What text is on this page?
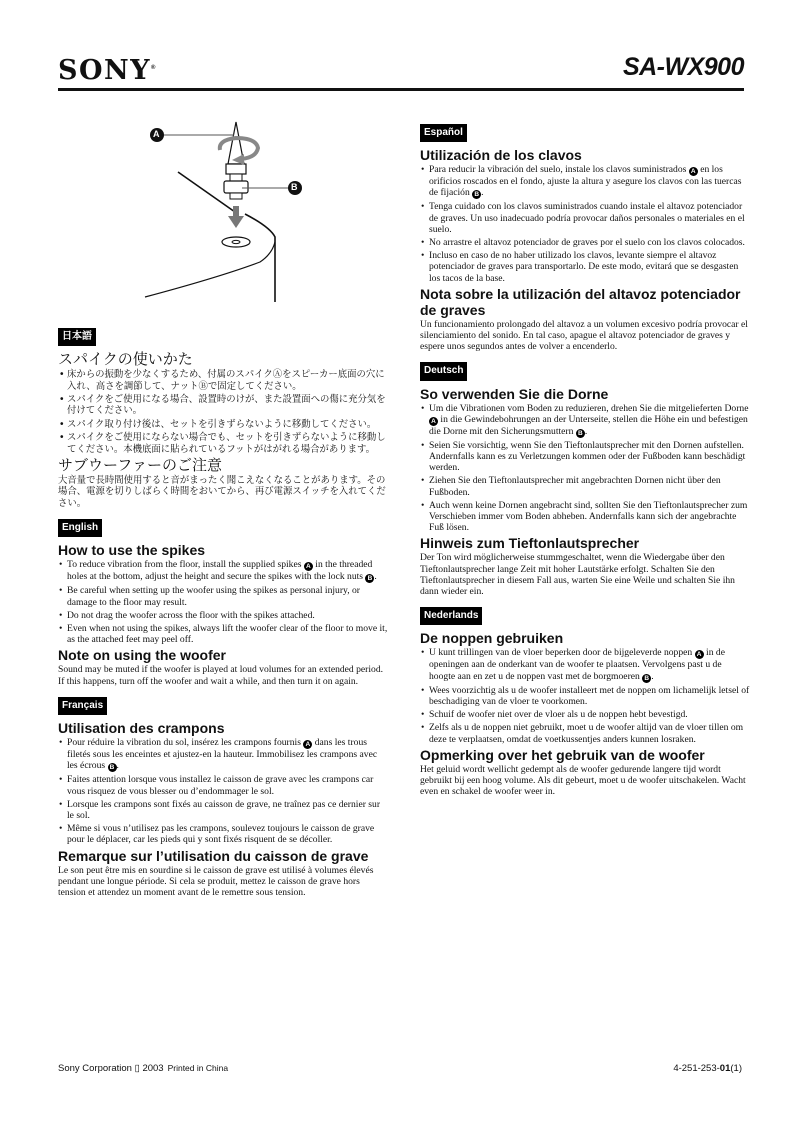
SONY®	SA-WX900
A
B
日本語
スパイクの使いかた
• 床からの振動を少なくするため、付属のスパイクⒶをスピーカー底面の穴に入れ、高さを調節して、ナットⒷで固定してください。
• スパイクをご使用になる場合、設置時のけが、また設置面への傷に充分気を付けてください。
• スパイク取り付け後は、セットを引きずらないように移動してください。
• スパイクをご使用にならない場合でも、セットを引きずらないように移動してください。本機底面に貼られているフットがはがれる場合があります。
サブウーファーのご注意

大音量で長時間使用すると音がまったく聞こえなくなることがあります。その場合、電源を切りしばらく時間をおいてから、再び電源スイッチを入れてください。

English
How to use the spikes
• To reduce vibration from the floor, install the supplied spikes A in the threaded holes at the bottom, adjust the height and secure the spikes with the lock nuts B .
• Be careful when setting up the woofer using the spikes as personal injury, or damage to the floor may result.
• Do not drag the woofer across the floor with the spikes attached.
• Even when not using the spikes, always lift the woofer clear of the floor to move it, as the attached feet may peel off.
Note on using the woofer

Sound may be muted if the woofer is played at loud volumes for an extended period. If this happens, turn off the woofer and wait a while, and then turn it on again.

Français
Utilisation des crampons
• Pour réduire la vibration du sol, insérez les crampons fournis A dans les trous filetés sous les enceintes et ajustez-en la hauteur. Immobilisez les crampons avec les écrous B .
• Faites attention lorsque vous installez le caisson de grave avec les crampons car vous risquez de vous blesser ou d’endommager le sol.
• Lorsque les crampons sont fixés au caisson de grave, ne traînez pas ce dernier sur le sol.
• Même si vous n’utilisez pas les crampons, soulevez toujours le caisson de grave pour le déplacer, car les pieds qui y sont fixés risquent de se décoller.
Remarque sur l’utilisation du caisson de grave

Le son peut être mis en sourdine si le caisson de grave est utilisé à volumes élevés pendant une longue période. Si cela se produit, mettez le caisson de grave hors tension et attendez un moment avant de le remettre sous tension.

Español
Utilización de los clavos
• Para reducir la vibración del suelo, instale los clavos suministrados A en los orificios roscados en el fondo, ajuste la altura y asegure los clavos con las tuercas de fijación B .
• Tenga cuidado con los clavos suministrados cuando instale el altavoz potenciador de graves. Un uso inadecuado podría provocar daños personales o materiales en el suelo.
• No arrastre el altavoz potenciador de graves por el suelo con los clavos colocados.
• Incluso en caso de no haber utilizado los clavos, levante siempre el altavoz potenciador de graves para transportarlo. De este modo, evitará que se desgasten los tacos de la base.
Nota sobre la utilización del altavoz potenciador de graves

Un funcionamiento prolongado del altavoz a un volumen excesivo podría provocar el silenciamiento del sonido. En tal caso, apague el altavoz potenciador de graves y espere unos segundos antes de volver a encenderlo.

Deutsch
So verwenden Sie die Dorne
• Um die Vibrationen vom Boden zu reduzieren, drehen Sie die mitgelieferten Dorne A in die Gewindebohrungen an der Unterseite, stellen die Höhe ein und befestigen die Dorne mit den Sicherungsmuttern B .
• Seien Sie vorsichtig, wenn Sie den Tieftonlautsprecher mit den Dornen aufstellen. Andernfalls kann es zu Verletzungen kommen oder der Fußboden kann beschädigt werden.
• Ziehen Sie den Tieftonlautsprecher mit angebrachten Dornen nicht über den Fußboden.
• Auch wenn keine Dornen angebracht sind, sollten Sie den Tieftonlautsprecher zum Verschieben immer vom Boden abheben. Andernfalls kann sich der angebrachte Fuß lösen.
Hinweis zum Tieftonlautsprecher

Der Ton wird möglicherweise stummgeschaltet, wenn die Wiedergabe über den Tieftonlautsprecher lange Zeit mit hoher Lautstärke erfolgt. Schalten Sie den Tieftonlautsprecher in diesem Fall aus, warten Sie eine Weile und schalten Sie ihn dann wieder ein.

Nederlands
De noppen gebruiken
• U kunt trillingen van de vloer beperken door de bijgeleverde noppen A in de openingen aan de onderkant van de woofer te plaatsen. Vervolgens past u de hoogte aan en zet u de noppen vast met de borgmoeren B .
• Wees voorzichtig als u de woofer installeert met de noppen om lichamelijk letsel of beschadiging van de vloer te voorkomen.
• Schuif de woofer niet over de vloer als u de noppen hebt bevestigd.
• Zelfs als u de noppen niet gebruikt, moet u de woofer altijd van de vloer tillen om deze te verplaatsen, omdat de voetkussentjes anders kunnen losraken.
Opmerking over het gebruik van de woofer

Het geluid wordt wellicht gedempt als de woofer gedurende langere tijd wordt gebruikt bij een hoog volume. Als dit gebeurt, moet u de woofer uitschakelen. Wacht even en schakel de woofer weer in.

Sony Corporation ▯ 2003 Printed in China	4-251-253-01(1)
